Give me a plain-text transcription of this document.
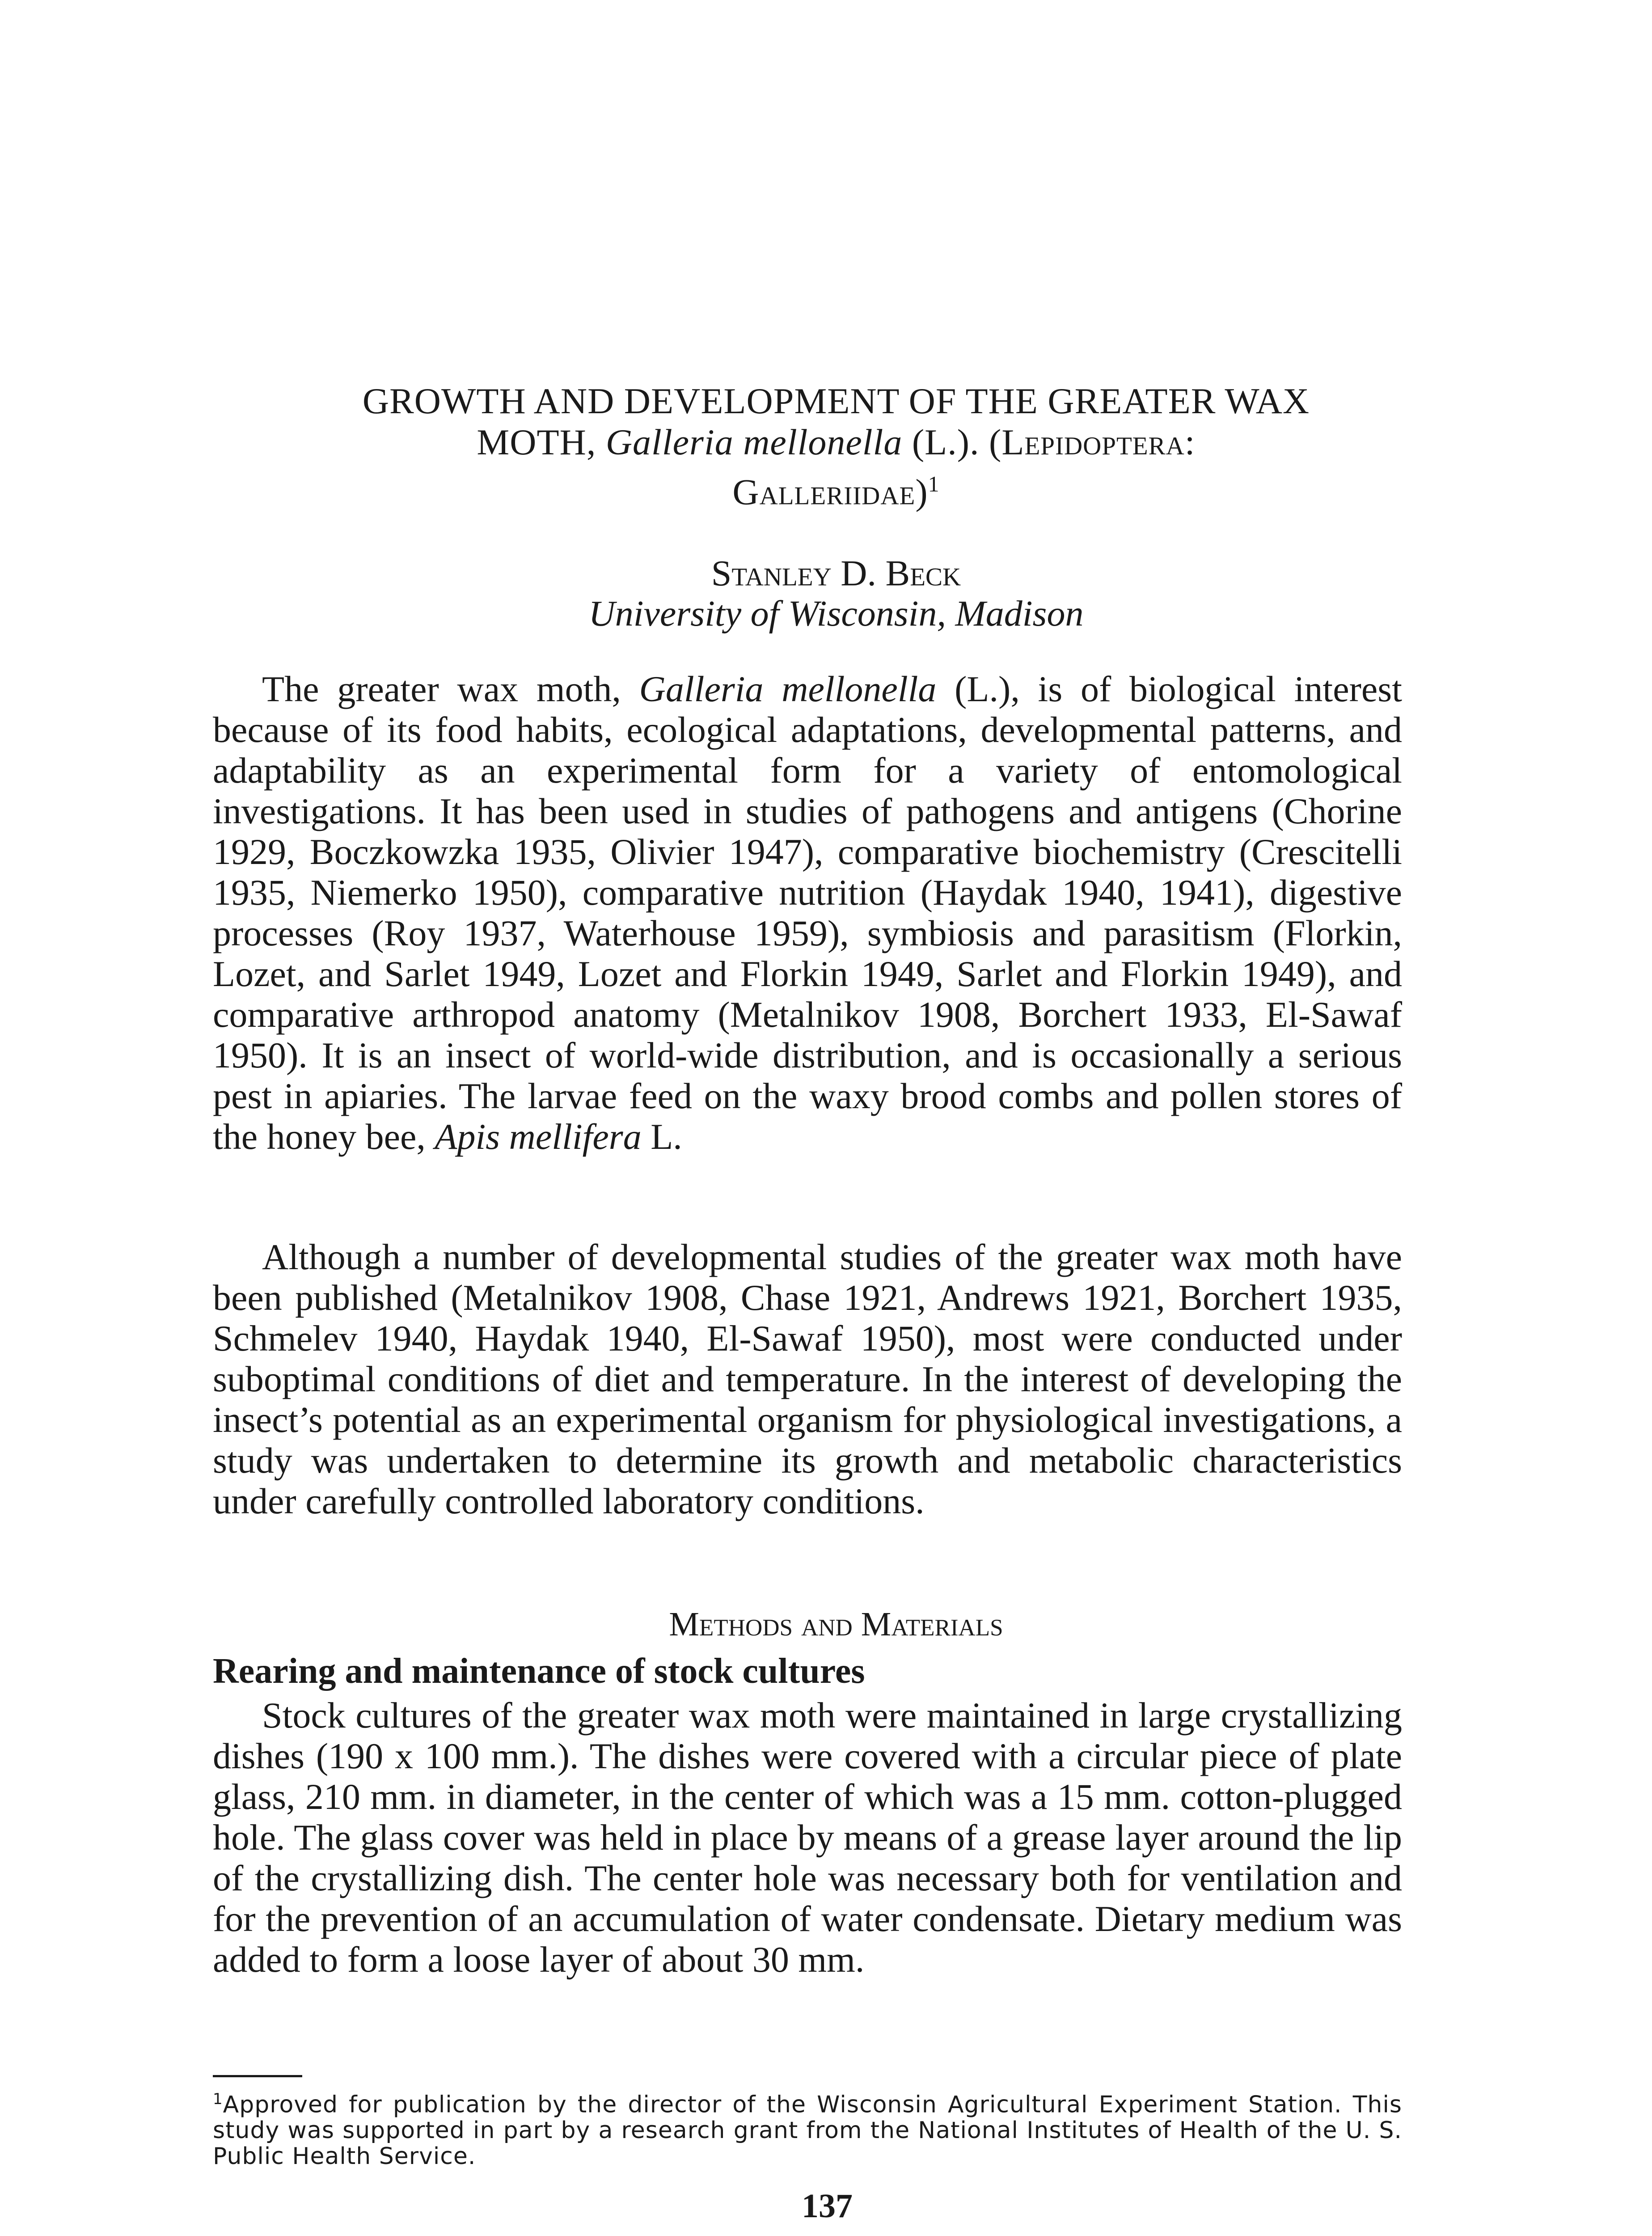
GROWTH AND DEVELOPMENT OF THE GREATER WAX
MOTH, Galleria mellonella (L.). (Lepidoptera:
Galleriidae)$^1$
Stanley D. Beck
University of Wisconsin, Madison
The greater wax moth, Galleria mellonella (L.), is of biological interest because of its food habits, ecological adaptations, developmental patterns, and adaptability as an experimental form for a variety of entomological investigations. It has been used in studies of pathogens and antigens (Chorine 1929, Boczkowzka 1935, Olivier 1947), comparative biochemistry (Crescitelli 1935, Niemerko 1950), comparative nutrition (Haydak 1940, 1941), digestive processes (Roy 1937, Waterhouse 1959), symbiosis and parasitism (Florkin, Lozet, and Sarlet 1949, Lozet and Florkin 1949, Sarlet and Florkin 1949), and comparative arthropod anatomy (Metalnikov 1908, Borchert 1933, El-Sawaf 1950). It is an insect of world-wide distribution, and is occasionally a serious pest in apiaries. The larvae feed on the waxy brood combs and pollen stores of the honey bee, Apis mellifera L.
Although a number of developmental studies of the greater wax moth have been published (Metalnikov 1908, Chase 1921, Andrews 1921, Borchert 1935, Schmelev 1940, Haydak 1940, El-Sawaf 1950), most were conducted under suboptimal conditions of diet and temperature. In the interest of developing the insect’s potential as an experimental organism for physiological investigations, a study was undertaken to determine its growth and metabolic characteristics under carefully controlled laboratory conditions.
Methods and Materials
Rearing and maintenance of stock cultures
Stock cultures of the greater wax moth were maintained in large crystallizing dishes (190 x 100 mm.). The dishes were covered with a circular piece of plate glass, 210 mm. in diameter, in the center of which was a 15 mm. cotton-plugged hole. The glass cover was held in place by means of a grease layer around the lip of the crystallizing dish. The center hole was necessary both for ventilation and for the prevention of an accumulation of water condensate. Dietary medium was added to form a loose layer of about 30 mm.
$^1$Approved for publication by the director of the Wisconsin Agricultural Experiment Station. This study was supported in part by a research grant from the National Institutes of Health of the U. S. Public Health Service.
137
